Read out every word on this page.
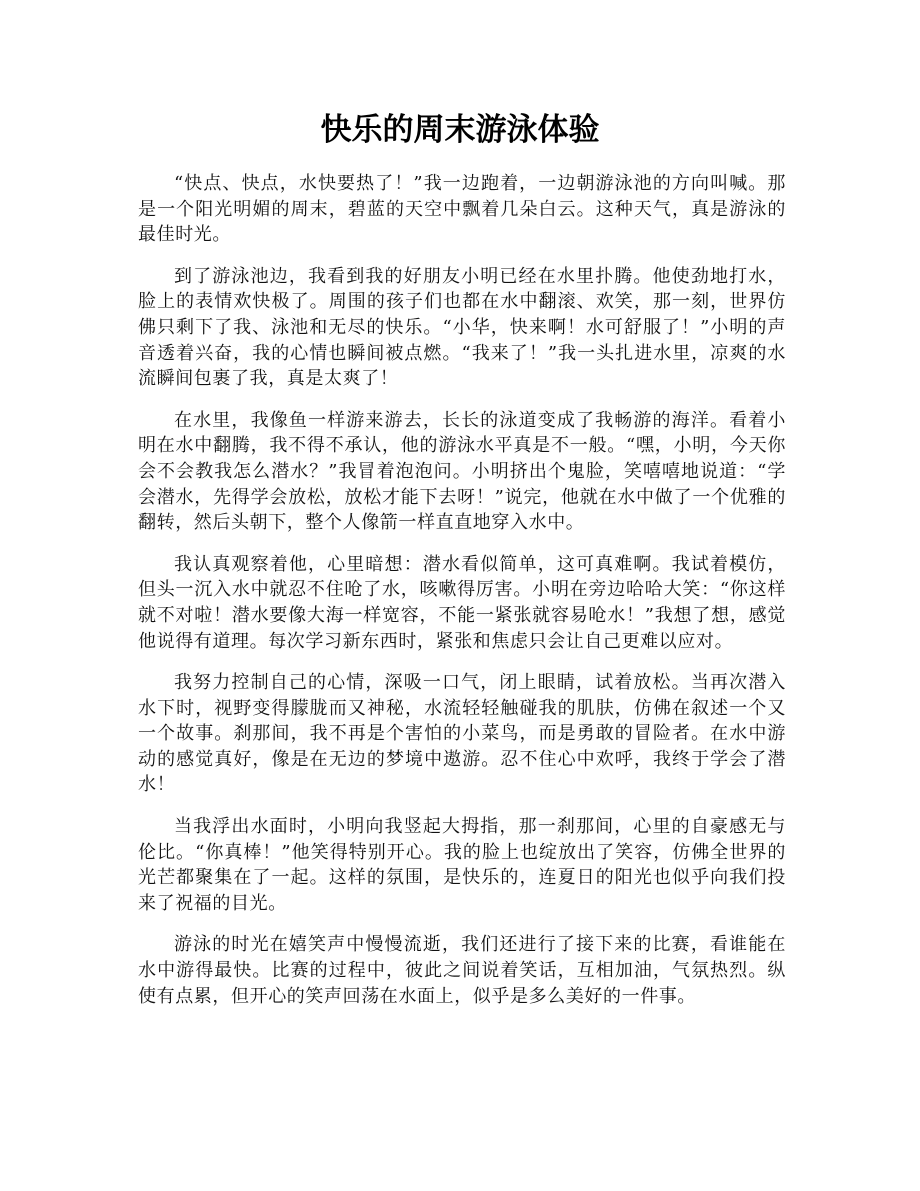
快乐的周末游泳体验

“快点、快点，水快要热了！”我一边跑着，一边朝游泳池的方向叫喊。那是一个阳光明媚的周末，碧蓝的天空中飘着几朵白云。这种天气，真是游泳的最佳时光。

到了游泳池边，我看到我的好朋友小明已经在水里扑腾。他使劲地打水，脸上的表情欢快极了。周围的孩子们也都在水中翻滚、欢笑，那一刻，世界仿佛只剩下了我、泳池和无尽的快乐。“小华，快来啊！水可舒服了！”小明的声音透着兴奋，我的心情也瞬间被点燃。“我来了！”我一头扎进水里，凉爽的水流瞬间包裹了我，真是太爽了！

在水里，我像鱼一样游来游去，长长的泳道变成了我畅游的海洋。看着小明在水中翻腾，我不得不承认，他的游泳水平真是不一般。“嘿，小明，今天你会不会教我怎么潜水？”我冒着泡泡问。小明挤出个鬼脸，笑嘻嘻地说道：“学会潜水，先得学会放松，放松才能下去呀！”说完，他就在水中做了一个优雅的翻转，然后头朝下，整个人像箭一样直直地穿入水中。

我认真观察着他，心里暗想：潜水看似简单，这可真难啊。我试着模仿，但头一沉入水中就忍不住呛了水，咳嗽得厉害。小明在旁边哈哈大笑：“你这样就不对啦！潜水要像大海一样宽容，不能一紧张就容易呛水！”我想了想，感觉他说得有道理。每次学习新东西时，紧张和焦虑只会让自己更难以应对。

我努力控制自己的心情，深吸一口气，闭上眼睛，试着放松。当再次潜入水下时，视野变得朦胧而又神秘，水流轻轻触碰我的肌肤，仿佛在叙述一个又一个故事。刹那间，我不再是个害怕的小菜鸟，而是勇敢的冒险者。在水中游动的感觉真好，像是在无边的梦境中遨游。忍不住心中欢呼，我终于学会了潜水！

当我浮出水面时，小明向我竖起大拇指，那一刹那间，心里的自豪感无与伦比。“你真棒！”他笑得特别开心。我的脸上也绽放出了笑容，仿佛全世界的光芒都聚集在了一起。这样的氛围，是快乐的，连夏日的阳光也似乎向我们投来了祝福的目光。

游泳的时光在嬉笑声中慢慢流逝，我们还进行了接下来的比赛，看谁能在水中游得最快。比赛的过程中，彼此之间说着笑话，互相加油，气氛热烈。纵使有点累，但开心的笑声回荡在水面上，似乎是多么美好的一件事。
